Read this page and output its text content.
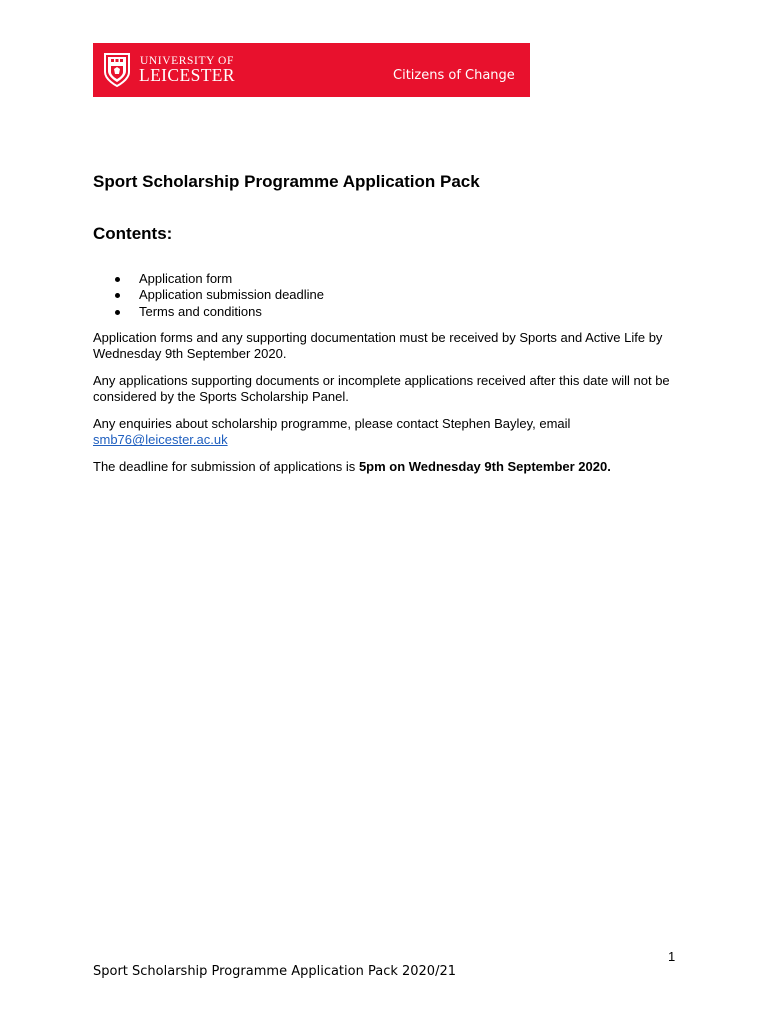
UNIVERSITY OF
LEICESTER	Citizens of Change
Sport Scholarship Programme Application Pack
Contents:
Application form
Application submission deadline
Terms and conditions

Application forms and any supporting documentation must be received by Sports and Active Life by Wednesday 9th September 2020.

Any applications supporting documents or incomplete applications received after this date will not be considered by the Sports Scholarship Panel.

Any enquiries about scholarship programme, please contact Stephen Bayley, email
smb76@leicester.ac.uk

The deadline for submission of applications is 5pm on Wednesday 9th September 2020.

1
Sport Scholarship Programme Application Pack 2020/21
